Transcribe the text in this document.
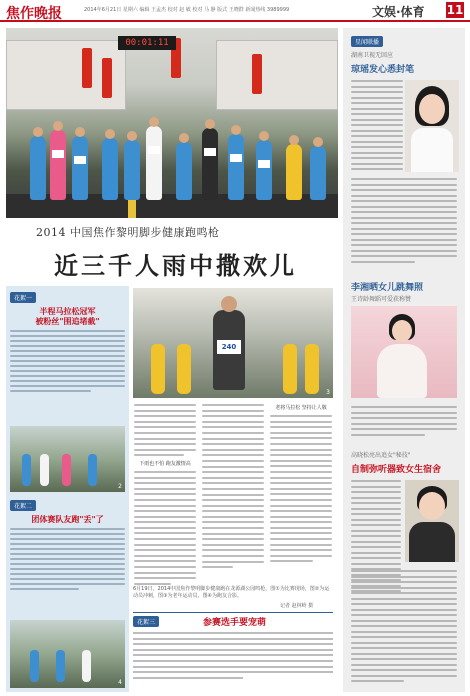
焦作晚报	2014年6月21日 星期六 编辑 王孟杰 校对 赵 敏 校对 马 静 版式 王晓群 新闻热线 3989999	文娱·体育 11
00:01:11
2014 中国焦作黎明脚步健康跑鸣枪
近三千人雨中撒欢儿
花絮一
半程马拉松冠军
被粉丝"围追堵截"
2
花絮二
团体赛队友跑"丢"了
4
240
3
下雨也不怕 跑友激情高
老将马拉松 坚持让人敬
6月19日，2014中国焦作黎明脚步健康跑在龙源湖公园鸣枪，图①为比赛现场，图②为运动员冲刺，图③为老年运动员，图④为跑友合影。
记者 赵林岭 摄
花絮三	参赛选手要宠萌
星闻联播
湖南卫视无回应
琼瑶发心悉封笔
李湘晒女儿跳舞照
王诗龄舞蹈可爱获称赞
高晓松亮出追女"秘技"
自制弥听器致女生宿舍
